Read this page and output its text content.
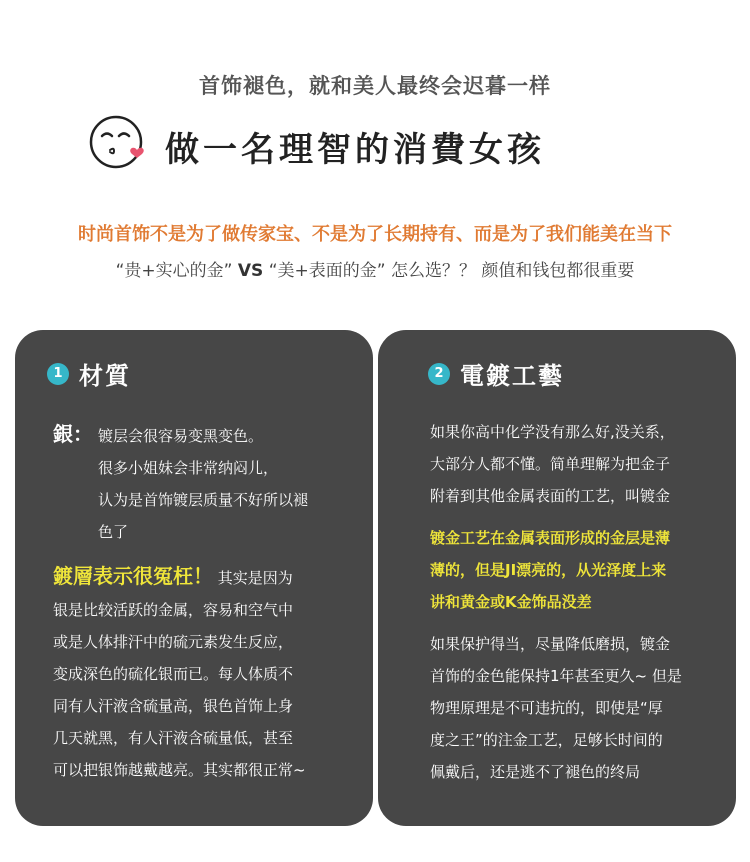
首饰褪色，就和美人最终会迟暮一样
做一名理智的消費女孩
时尚首饰不是为了做传家宝、不是为了长期持有、而是为了我们能美在当下
“贵+实心的金” VS “美+表面的金” 怎么选？？ 颜值和钱包都很重要
1 材質
銀： 镀层会很容易变黑变色。
很多小姐妹会非常纳闷儿，
认为是首饰镀层质量不好所以褪
色了
鍍層表示很冤枉！ 其实是因为
银是比较活跃的金属，容易和空气中
或是人体排汗中的硫元素发生反应，
变成深色的硫化银而已。每人体质不
同有人汗液含硫量高，银色首饰上身
几天就黑，有人汗液含硫量低，甚至
可以把银饰越戴越亮。其实都很正常~
2 電鍍工藝
如果你高中化学没有那么好,没关系，
大部分人都不懂。简单理解为把金子
附着到其他金属表面的工艺，叫镀金
镀金工艺在金属表面形成的金层是薄
薄的，但是JI漂亮的，从光泽度上来
讲和黄金或K金饰品没差
如果保护得当，尽量降低磨损，镀金
首饰的金色能保持1年甚至更久~ 但是
物理原理是不可违抗的，即使是“厚
度之王”的注金工艺，足够长时间的
佩戴后，还是逃不了褪色的终局
